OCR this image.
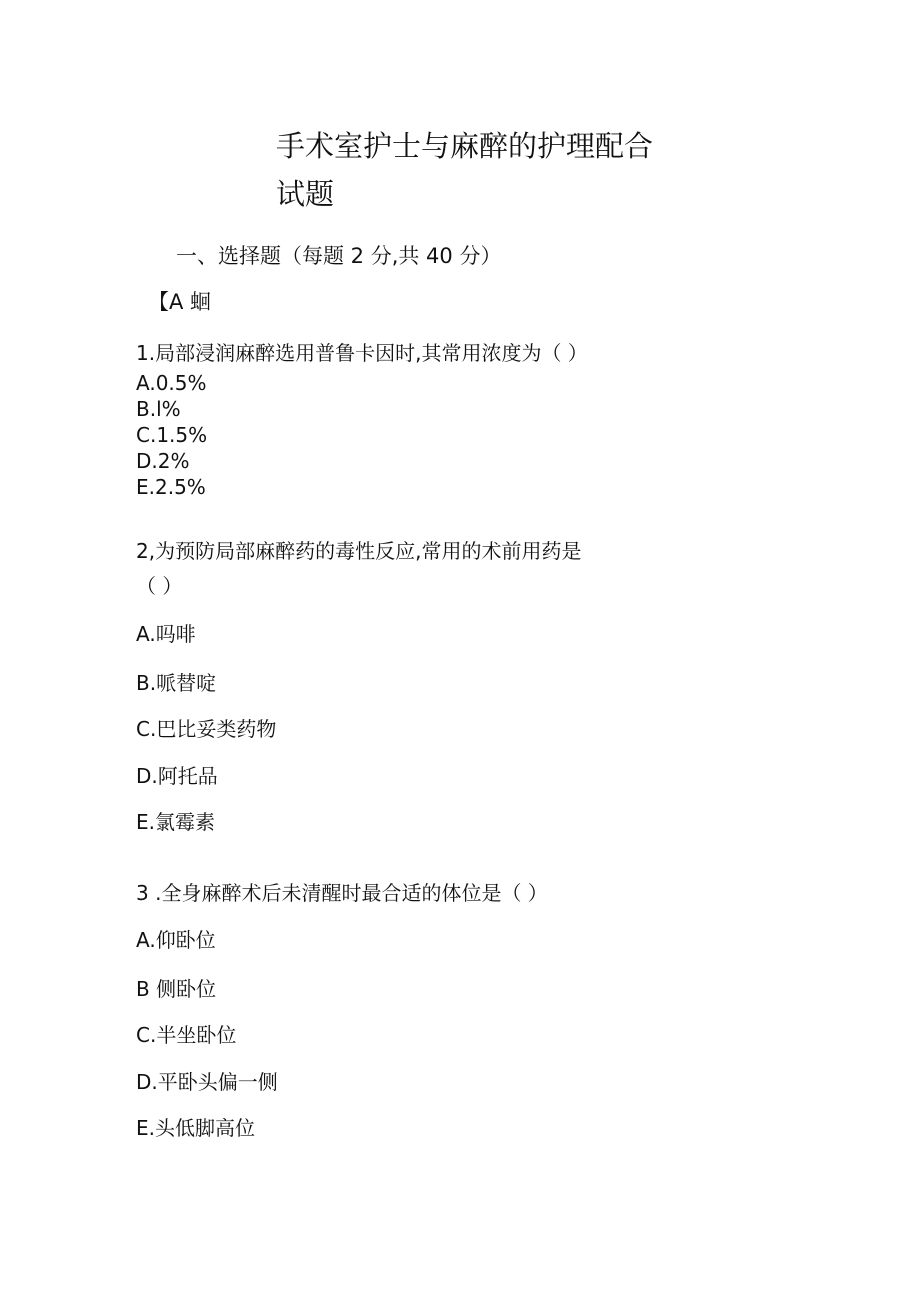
手术室护士与麻醉的护理配合
试题
一、选择题（每题 2 分,共 40 分）
【A 蛔
1.局部浸润麻醉选用普鲁卡因时,其常用浓度为（ ）
A.0.5%
B.l%
C.1.5%
D.2%
E.2.5%
2,为预防局部麻醉药的毒性反应,常用的术前用药是
（ ）
A.吗啡
B.哌替啶
C.巴比妥类药物
D.阿托品
E.氯霉素
3 .全身麻醉术后未清醒时最合适的体位是（ ）
A.仰卧位
B 侧卧位
C.半坐卧位
D.平卧头偏一侧
E.头低脚高位
